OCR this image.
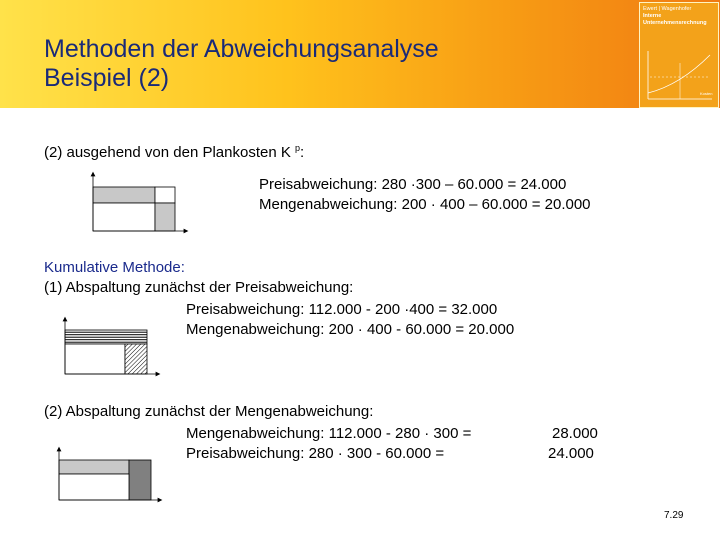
Methoden der Abweichungsanalyse
Beispiel (2)
Ewert | Wagenhofer
Interne
Unternehmensrechnung
Kosten
(2) ausgehend von den Plankosten K $^p$:
Preisabweichung: 280 ·300 – 60.000 = 24.000
Mengenabweichung: 200 · 400 – 60.000 = 20.000
Kumulative Methode:
(1) Abspaltung zunächst der Preisabweichung:
Preisabweichung: 112.000 - 200 ·400 = 32.000
Mengenabweichung: 200 · 400 - 60.000 = 20.000
(2) Abspaltung zunächst der Mengenabweichung:
Mengenabweichung: 112.000 - 280 · 300 =	28.000
Preisabweichung: 280 · 300 - 60.000 =	24.000
7.29
